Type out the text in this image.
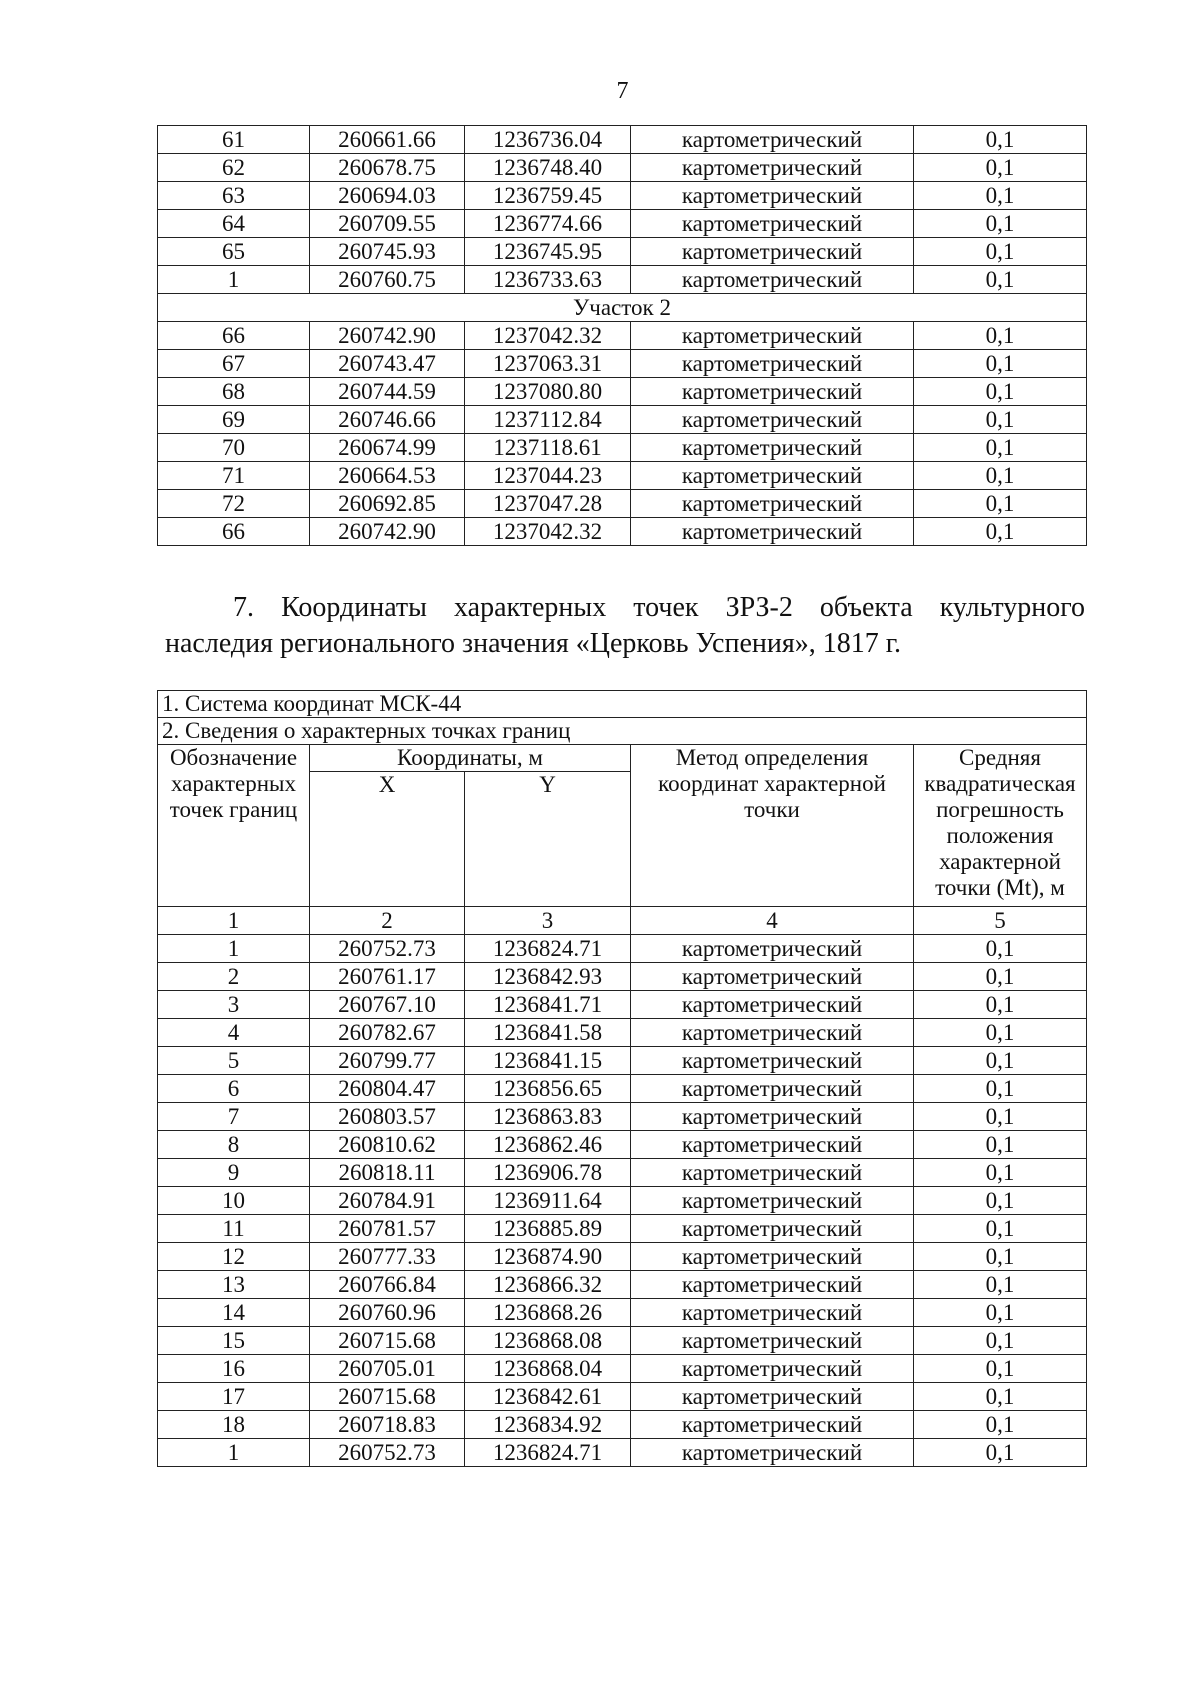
7
61	260661.66	1236736.04	картометрический	0,1
62	260678.75	1236748.40	картометрический	0,1
63	260694.03	1236759.45	картометрический	0,1
64	260709.55	1236774.66	картометрический	0,1
65	260745.93	1236745.95	картометрический	0,1
1	260760.75	1236733.63	картометрический	0,1
Участок 2				
66	260742.90	1237042.32	картометрический	0,1
67	260743.47	1237063.31	картометрический	0,1
68	260744.59	1237080.80	картометрический	0,1
69	260746.66	1237112.84	картометрический	0,1
70	260674.99	1237118.61	картометрический	0,1
71	260664.53	1237044.23	картометрический	0,1
72	260692.85	1237047.28	картометрический	0,1
66	260742.90	1237042.32	картометрический	0,1
7. Координаты характерных точек ЗРЗ-2 объекта культурного
наследия регионального значения «Церковь Успения», 1817 г.
1. Система координат МСК-44				
2. Сведения о характерных точках границ				
Обозначение характерных точек границ	Координаты, м		Метод определения координат характерной точки	Средняя квадратическая погрешность положения характерной точки (Mt), м
	X	Y		
1	2	3	4	5
1	260752.73	1236824.71	картометрический	0,1
2	260761.17	1236842.93	картометрический	0,1
3	260767.10	1236841.71	картометрический	0,1
4	260782.67	1236841.58	картометрический	0,1
5	260799.77	1236841.15	картометрический	0,1
6	260804.47	1236856.65	картометрический	0,1
7	260803.57	1236863.83	картометрический	0,1
8	260810.62	1236862.46	картометрический	0,1
9	260818.11	1236906.78	картометрический	0,1
10	260784.91	1236911.64	картометрический	0,1
11	260781.57	1236885.89	картометрический	0,1
12	260777.33	1236874.90	картометрический	0,1
13	260766.84	1236866.32	картометрический	0,1
14	260760.96	1236868.26	картометрический	0,1
15	260715.68	1236868.08	картометрический	0,1
16	260705.01	1236868.04	картометрический	0,1
17	260715.68	1236842.61	картометрический	0,1
18	260718.83	1236834.92	картометрический	0,1
1	260752.73	1236824.71	картометрический	0,1
